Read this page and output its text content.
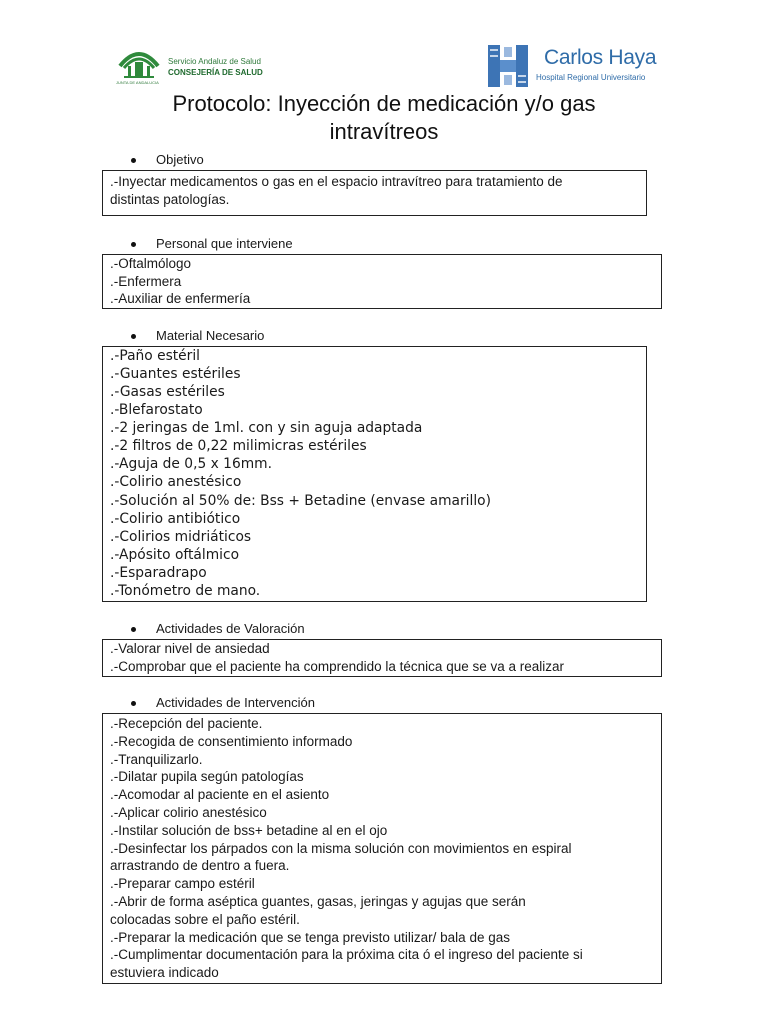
Servicio Andaluz de Salud
CONSEJERÍA DE SALUD
JUNTA DE ANDALUCIA
Carlos Haya
Hospital Regional Universitario
Protocolo: Inyección de medicación y/o gas
intravítreos
Objetivo
.-Inyectar medicamentos o gas en el espacio intravítreo para tratamiento de
distintas patologías.
Personal que interviene
.-Oftalmólogo
.-Enfermera
.-Auxiliar de enfermería
Material Necesario
.-Paño estéril
.-Guantes estériles
.-Gasas estériles
.-Blefarostato
.-2 jeringas de 1ml. con y sin aguja adaptada
.-2 filtros de 0,22 milimicras estériles
.-Aguja de 0,5 x 16mm.
.-Colirio anestésico
.-Solución al 50% de: Bss + Betadine (envase amarillo)
.-Colirio antibiótico
.-Colirios midriáticos
.-Apósito oftálmico
.-Esparadrapo
.-Tonómetro de mano.
Actividades de Valoración
.-Valorar nivel de ansiedad
.-Comprobar que el paciente ha comprendido la técnica que se va a realizar
Actividades de Intervención
.-Recepción del paciente.
.-Recogida de consentimiento informado
.-Tranquilizarlo.
.-Dilatar pupila según patologías
.-Acomodar al paciente en el asiento
.-Aplicar colirio anestésico
.-Instilar solución de bss+ betadine al en el ojo
.-Desinfectar los párpados con la misma solución con movimientos en espiral
arrastrando de dentro a fuera.
.-Preparar campo estéril
.-Abrir de forma aséptica guantes, gasas, jeringas y agujas que serán
colocadas sobre el paño estéril.
.-Preparar la medicación que se tenga previsto utilizar/ bala de gas
.-Cumplimentar documentación para la próxima cita ó el ingreso del paciente si
estuviera indicado
